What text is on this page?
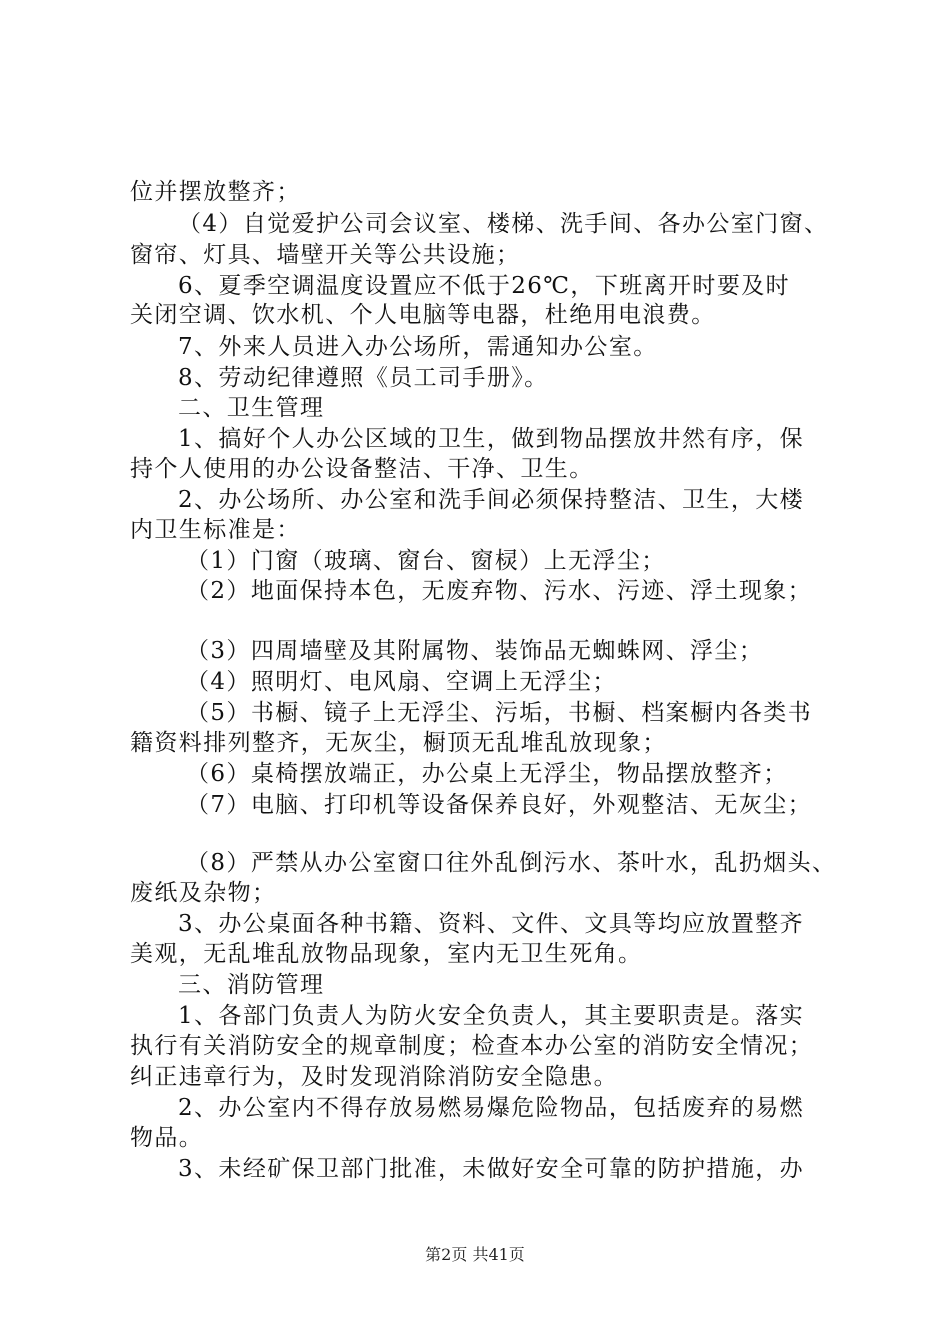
位并摆放整齐；
（4）自觉爱护公司会议室、楼梯、洗手间、各办公室门窗、
窗帘、灯具、墙壁开关等公共设施；
6、夏季空调温度设置应不低于26℃，下班离开时要及时
关闭空调、饮水机、个人电脑等电器，杜绝用电浪费。
7、外来人员进入办公场所，需通知办公室。
8、劳动纪律遵照《员工司手册》。
二、卫生管理
1、搞好个人办公区域的卫生，做到物品摆放井然有序，保
持个人使用的办公设备整洁、干净、卫生。
2、办公场所、办公室和洗手间必须保持整洁、卫生，大楼
内卫生标准是：
（1）门窗（玻璃、窗台、窗棂）上无浮尘；
（2）地面保持本色，无废弃物、污水、污迹、浮土现象；
（3）四周墙壁及其附属物、装饰品无蜘蛛网、浮尘；
（4）照明灯、电风扇、空调上无浮尘；
（5）书橱、镜子上无浮尘、污垢，书橱、档案橱内各类书
籍资料排列整齐，无灰尘，橱顶无乱堆乱放现象；
（6）桌椅摆放端正，办公桌上无浮尘，物品摆放整齐；
（7）电脑、打印机等设备保养良好，外观整洁、无灰尘；
（8）严禁从办公室窗口往外乱倒污水、茶叶水，乱扔烟头、
废纸及杂物；
3、办公桌面各种书籍、资料、文件、文具等均应放置整齐
美观，无乱堆乱放物品现象，室内无卫生死角。
三、消防管理
1、各部门负责人为防火安全负责人，其主要职责是。落实
执行有关消防安全的规章制度；检查本办公室的消防安全情况；
纠正违章行为，及时发现消除消防安全隐患。
2、办公室内不得存放易燃易爆危险物品，包括废弃的易燃
物品。
3、未经矿保卫部门批准，未做好安全可靠的防护措施，办
第2页 共41页
